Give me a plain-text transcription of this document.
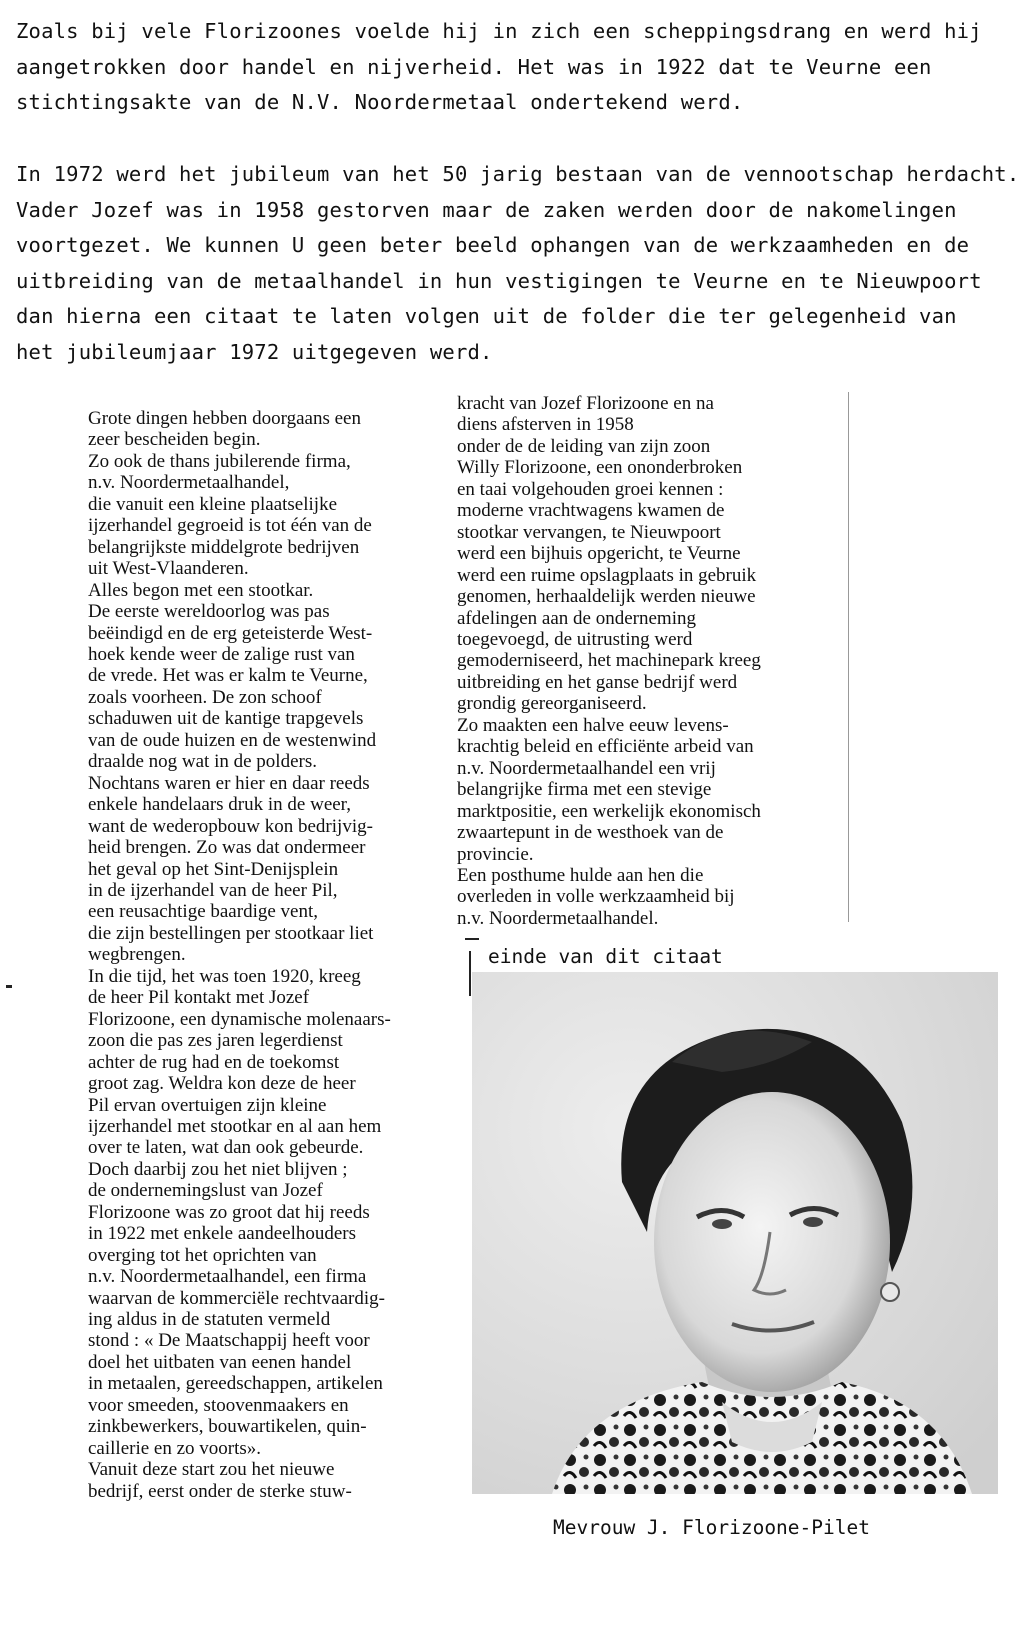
Zoals bij vele Florizoones voelde hij in zich een scheppingsdrang en werd hij
aangetrokken door handel en nijverheid. Het was in 1922 dat te Veurne een
stichtingsakte van de N.V. Noordermetaal ondertekend werd.
In 1972 werd het jubileum van het 50 jarig bestaan van de vennootschap herdacht.
Vader Jozef was in 1958 gestorven maar de zaken werden door de nakomelingen
voortgezet. We kunnen U geen beter beeld ophangen van de werkzaamheden en de
uitbreiding van de metaalhandel in hun vestigingen te Veurne en te Nieuwpoort
dan hierna een citaat te laten volgen uit de folder die ter gelegenheid van
het jubileumjaar 1972 uitgegeven werd.
Grote dingen hebben doorgaans een
zeer bescheiden begin.
Zo ook de thans jubilerende firma,
n.v. Noordermetaalhandel,
die vanuit een kleine plaatselijke
ijzerhandel gegroeid is tot één van de
belangrijkste middelgrote bedrijven
uit West-Vlaanderen.
Alles begon met een stootkar.
De eerste wereldoorlog was pas
beëindigd en de erg geteisterde West-
hoek kende weer de zalige rust van
de vrede. Het was er kalm te Veurne,
zoals voorheen. De zon schoof
schaduwen uit de kantige trapgevels
van de oude huizen en de westenwind
draalde nog wat in de polders.
Nochtans waren er hier en daar reeds
enkele handelaars druk in de weer,
want de wederopbouw kon bedrijvig-
heid brengen. Zo was dat ondermeer
het geval op het Sint-Denijsplein
in de ijzerhandel van de heer Pil,
een reusachtige baardige vent,
die zijn bestellingen per stootkaar liet
wegbrengen.
In die tijd, het was toen 1920, kreeg
de heer Pil kontakt met Jozef
Florizoone, een dynamische molenaars-
zoon die pas zes jaren legerdienst
achter de rug had en de toekomst
groot zag. Weldra kon deze de heer
Pil ervan overtuigen zijn kleine
ijzerhandel met stootkar en al aan hem
over te laten, wat dan ook gebeurde.
Doch daarbij zou het niet blijven ;
de ondernemingslust van Jozef
Florizoone was zo groot dat hij reeds
in 1922 met enkele aandeelhouders
overging tot het oprichten van
n.v. Noordermetaalhandel, een firma
waarvan de kommerciële rechtvaardig-
ing aldus in de statuten vermeld
stond : « De Maatschappij heeft voor
doel het uitbaten van eenen handel
in metaalen, gereedschappen, artikelen
voor smeeden, stoovenmaakers en
zinkbewerkers, bouwartikelen, quin-
caillerie en zo voorts».
Vanuit deze start zou het nieuwe
bedrijf, eerst onder de sterke stuw-
kracht van Jozef Florizoone en na
diens afsterven in 1958
onder de de leiding van zijn zoon
Willy Florizoone, een ononderbroken
en taai volgehouden groei kennen :
moderne vrachtwagens kwamen de
stootkar vervangen, te Nieuwpoort
werd een bijhuis opgericht, te Veurne
werd een ruime opslagplaats in gebruik
genomen, herhaaldelijk werden nieuwe
afdelingen aan de onderneming
toegevoegd, de uitrusting werd
gemoderniseerd, het machinepark kreeg
uitbreiding en het ganse bedrijf werd
grondig gereorganiseerd.
Zo maakten een halve eeuw levens-
krachtig beleid en efficiënte arbeid van
n.v. Noordermetaalhandel een vrij
belangrijke firma met een stevige
marktpositie, een werkelijk ekonomisch
zwaartepunt in de westhoek van de
provincie.
Een posthume hulde aan hen die
overleden in volle werkzaamheid bij
n.v. Noordermetaalhandel.
einde van dit citaat
Mevrouw J. Florizoone-Pilet
